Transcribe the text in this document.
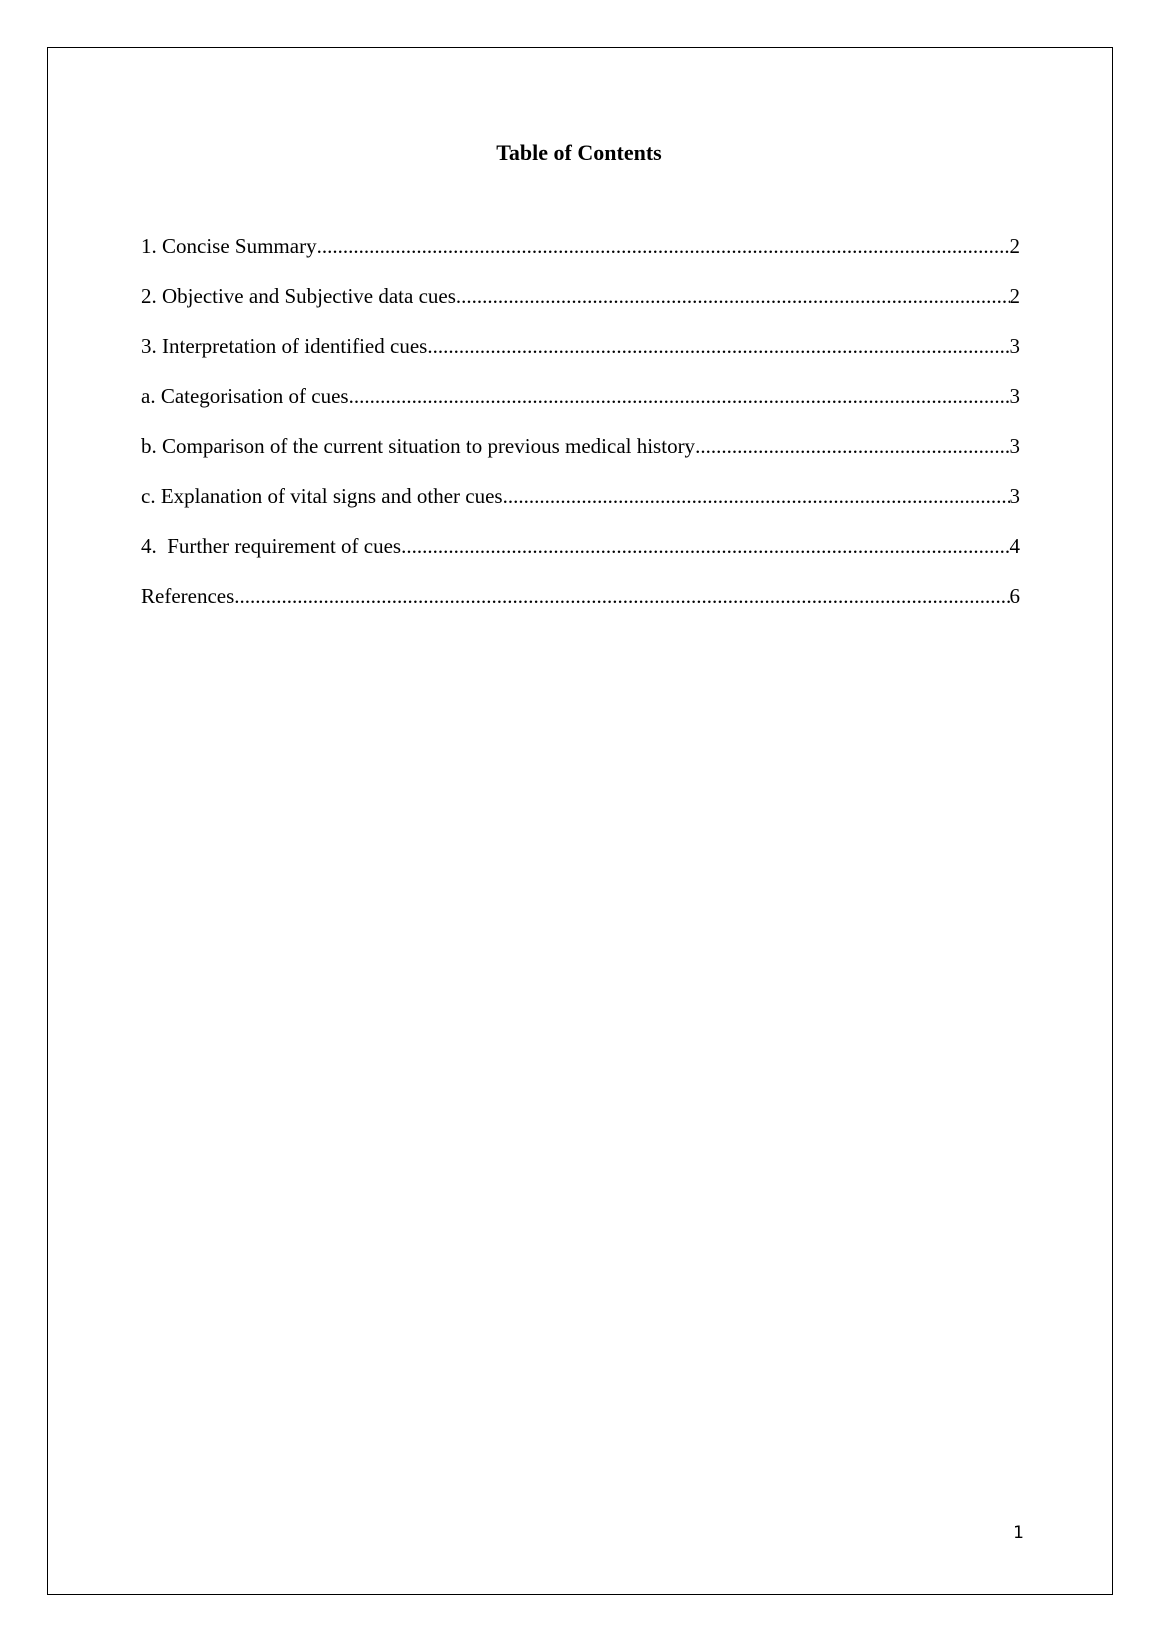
Table of Contents
1. Concise Summary .....	2
2. Objective and Subjective data cues .....	2
3. Interpretation of identified cues .....	3
a. Categorisation of cues .....	3
b. Comparison of the current situation to previous medical history .....	3
c. Explanation of vital signs and other cues .....	3
4.  Further requirement of cues .....	4
References .....	6
1
